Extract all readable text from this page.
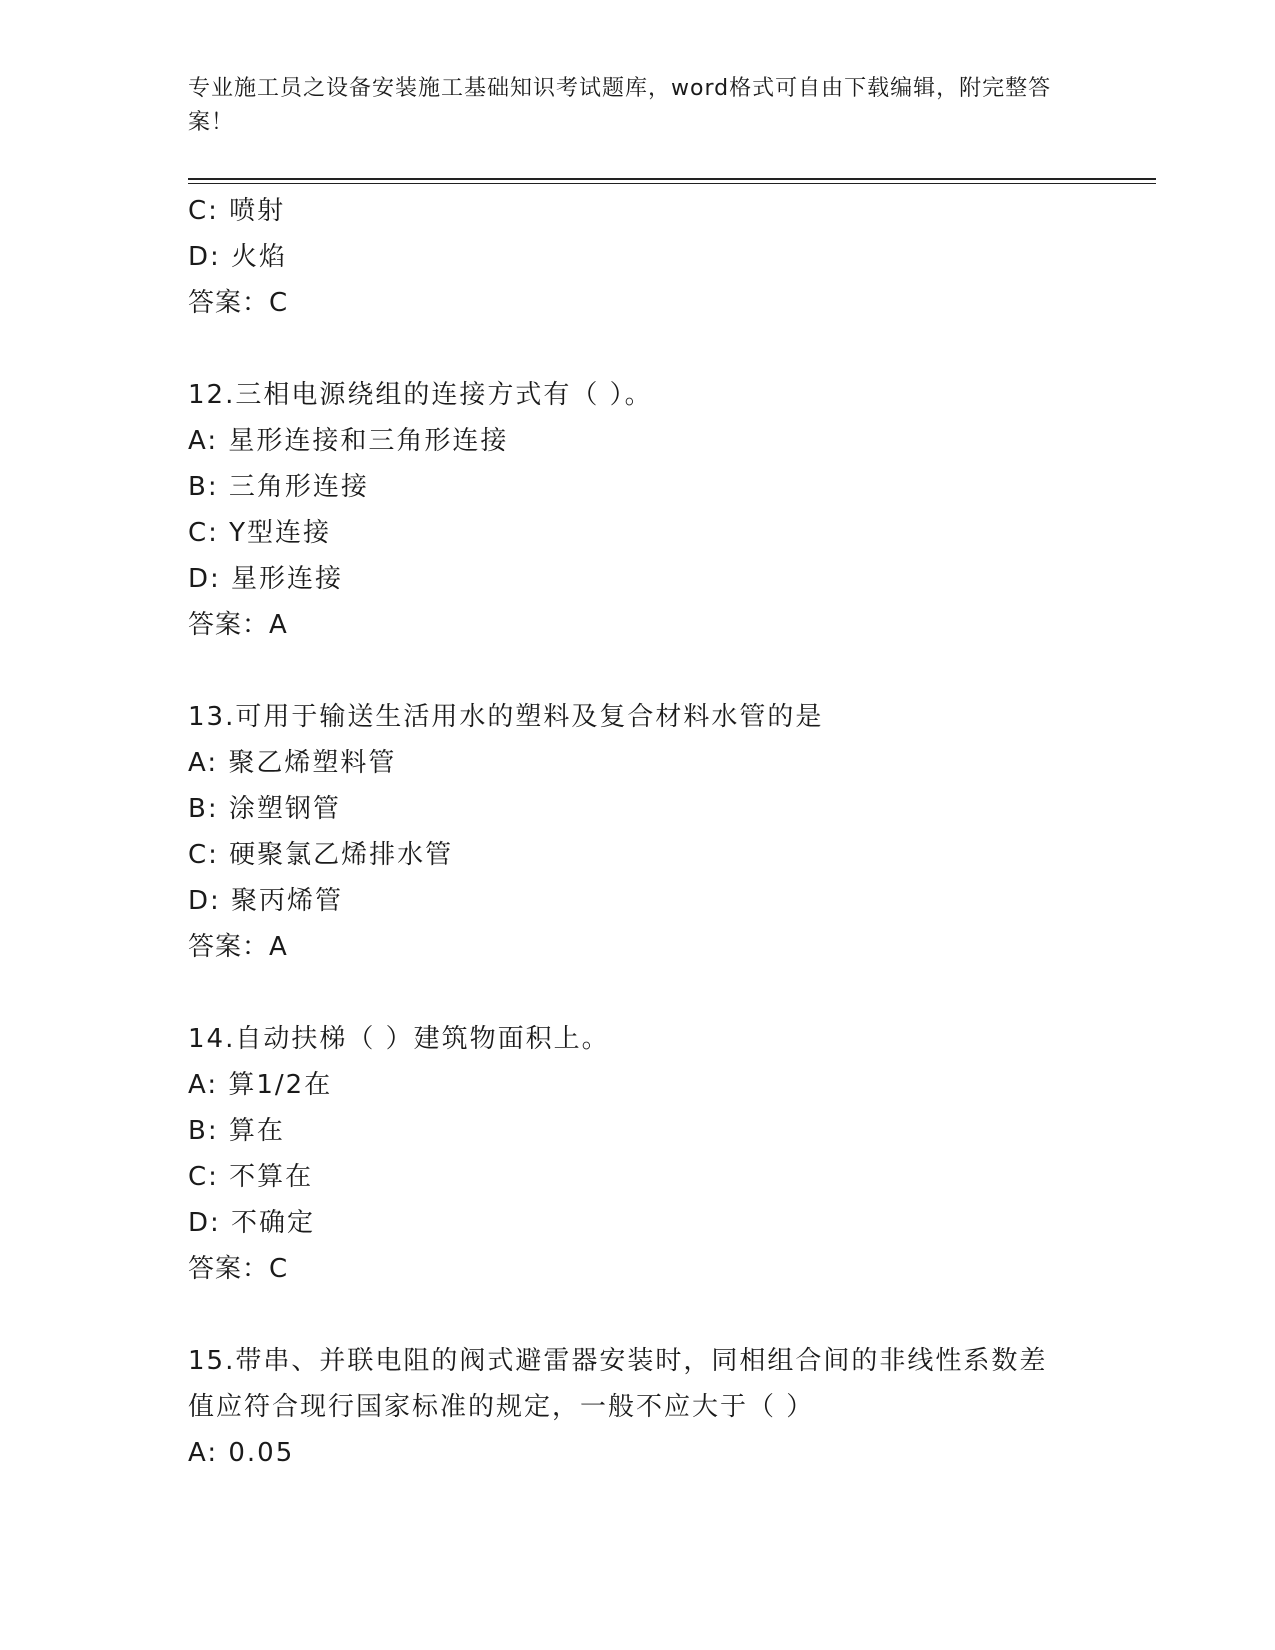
专业施工员之设备安装施工基础知识考试题库，word格式可自由下载编辑，附完整答案！
C: 喷射
D: 火焰
答案：C
12.三相电源绕组的连接方式有（ ）。
A: 星形连接和三角形连接
B: 三角形连接
C: Y型连接
D: 星形连接
答案：A
13.可用于输送生活用水的塑料及复合材料水管的是
A: 聚乙烯塑料管
B: 涂塑钢管
C: 硬聚氯乙烯排水管
D: 聚丙烯管
答案：A
14.自动扶梯（ ）建筑物面积上。
A: 算1/2在
B: 算在
C: 不算在
D: 不确定
答案：C
15.带串、并联电阻的阀式避雷器安装时，同相组合间的非线性系数差
值应符合现行国家标准的规定，一般不应大于（ ）
A: 0.05
